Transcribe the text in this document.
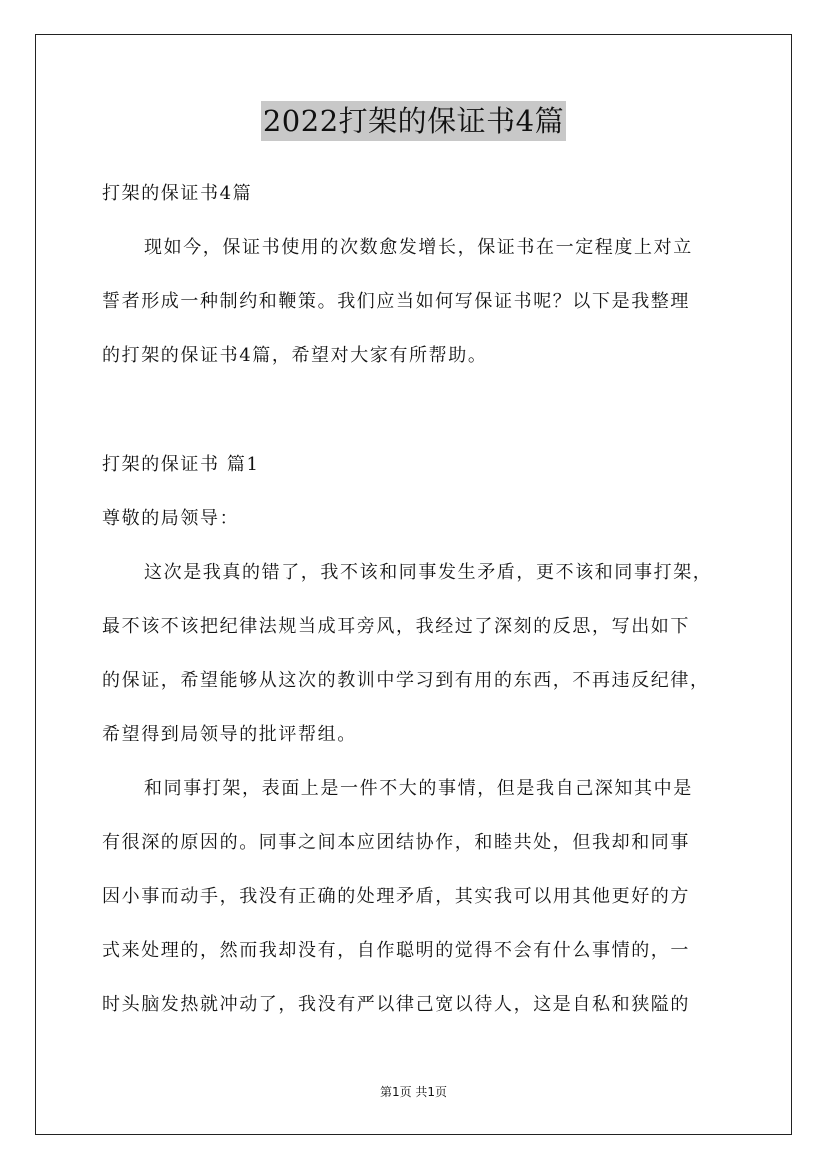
2022打架的保证书4篇
打架的保证书4篇
现如今，保证书使用的次数愈发增长，保证书在一定程度上对立
誓者形成一种制约和鞭策。我们应当如何写保证书呢？以下是我整理
的打架的保证书4篇，希望对大家有所帮助。
打架的保证书 篇1
尊敬的局领导：
这次是我真的错了，我不该和同事发生矛盾，更不该和同事打架，
最不该不该把纪律法规当成耳旁风，我经过了深刻的反思，写出如下
的保证，希望能够从这次的教训中学习到有用的东西，不再违反纪律，
希望得到局领导的批评帮组。
和同事打架，表面上是一件不大的事情，但是我自己深知其中是
有很深的原因的。同事之间本应团结协作，和睦共处，但我却和同事
因小事而动手，我没有正确的处理矛盾，其实我可以用其他更好的方
式来处理的，然而我却没有，自作聪明的觉得不会有什么事情的，一
时头脑发热就冲动了，我没有严以律己宽以待人，这是自私和狭隘的
第1页 共1页
